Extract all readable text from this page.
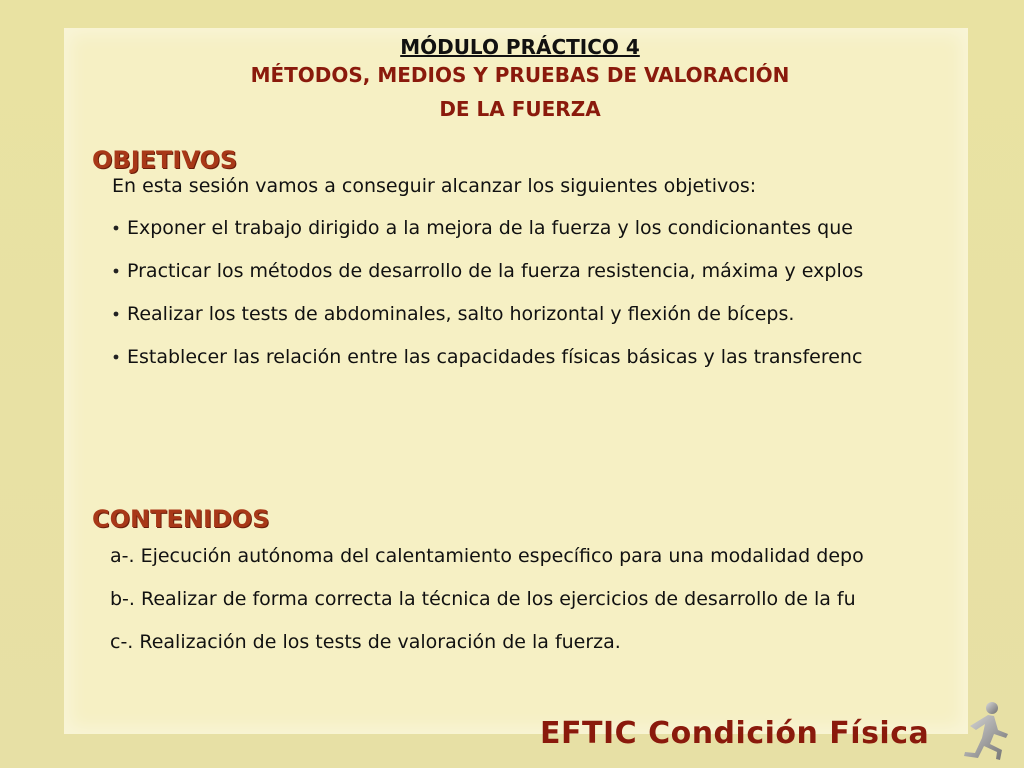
MÓDULO PRÁCTICO 4
MÉTODOS, MEDIOS Y PRUEBAS DE VALORACIÓN
DE LA FUERZA
OBJETIVOS
En esta sesión vamos a conseguir alcanzar los siguientes objetivos:
Exponer el trabajo dirigido a la mejora de la fuerza y los condicionantes que
Practicar los métodos de desarrollo de la fuerza resistencia, máxima y explos
Realizar los tests de abdominales, salto horizontal y flexión de bíceps.
Establecer las relación entre las capacidades físicas básicas y las transferenc
CONTENIDOS
a-. Ejecución autónoma del calentamiento específico para una modalidad depo
b-. Realizar de forma correcta la técnica de los ejercicios de desarrollo de la fu
c-. Realización de los tests de valoración de la fuerza.
EFTIC Condición Física
